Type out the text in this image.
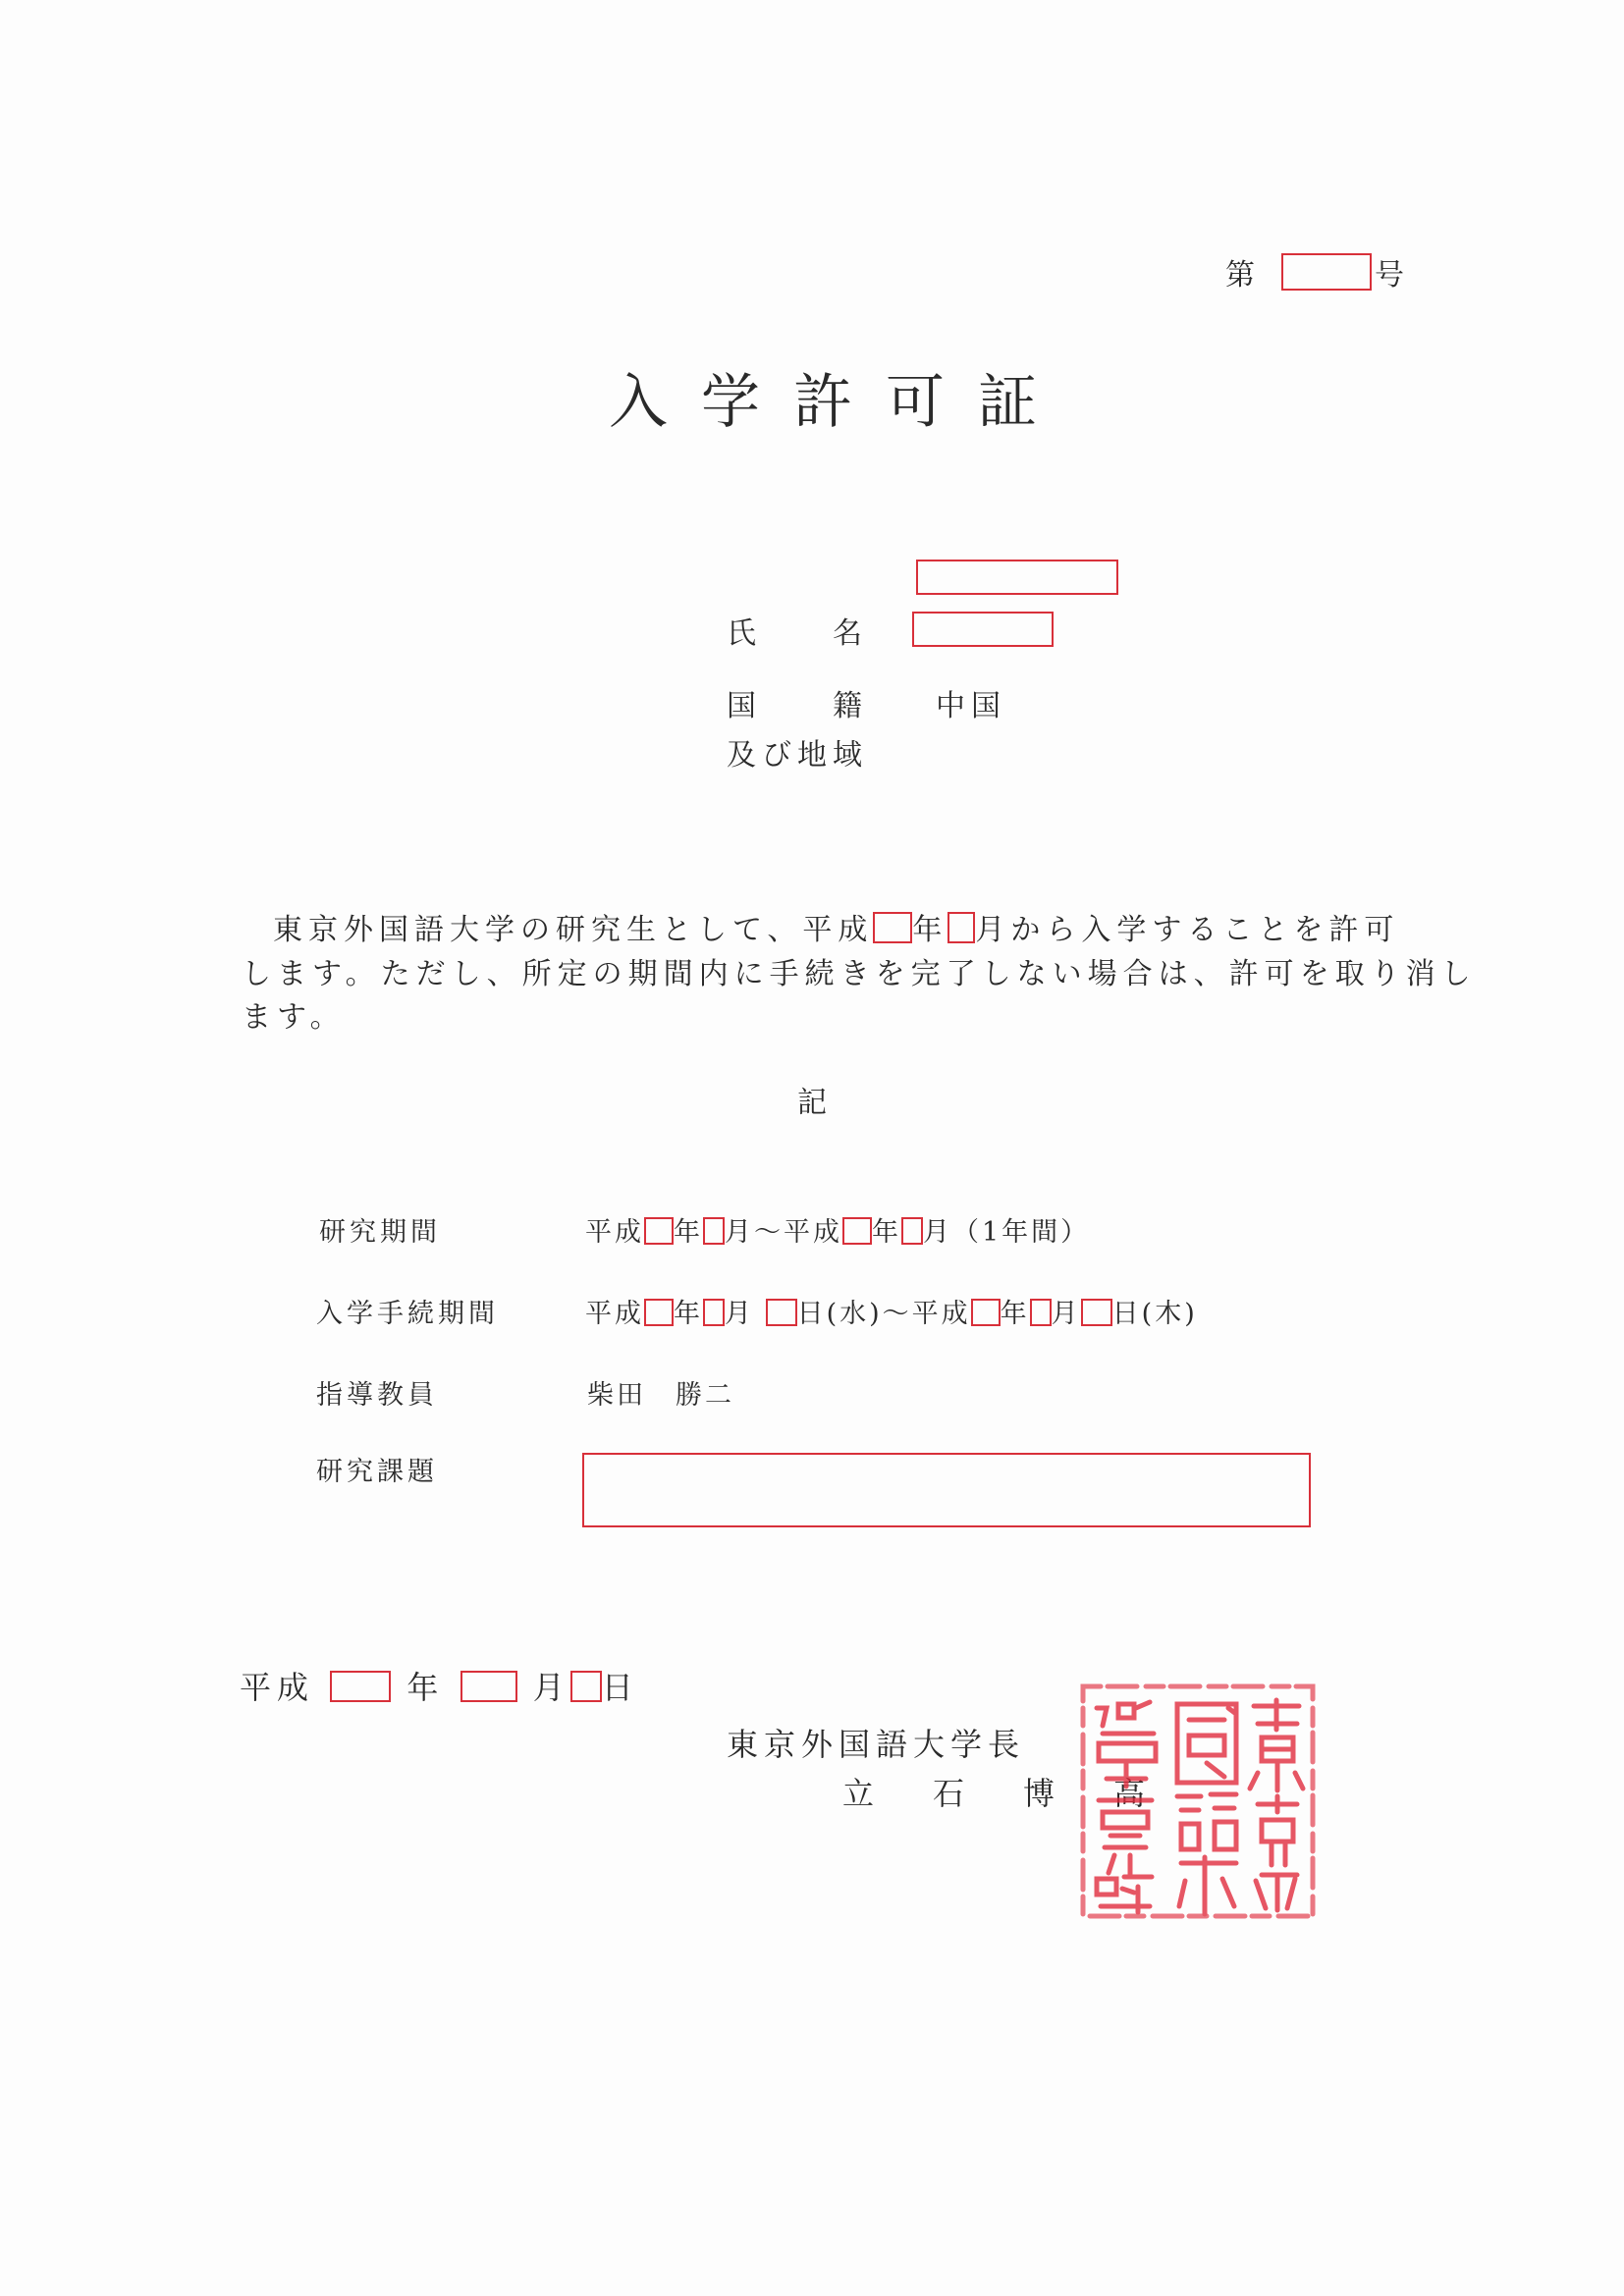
第	号
入学許可証
氏　　名
国　　籍 中国
及び地域
東京外国語大学の研究生として、平成 年 月から入学することを許可
します。ただし、所定の期間内に手続きを完了しない場合は、許可を取り消し
ます。
記
研究期間	平成 年 月～平成 年 月（1年間）
入学手続期間	平成 年 月 日(水)～平成 年 月 日(木)
指導教員	柴田　勝二
研究課題
平成	年	月 日
東京外国語大学長
立　石　博　高
